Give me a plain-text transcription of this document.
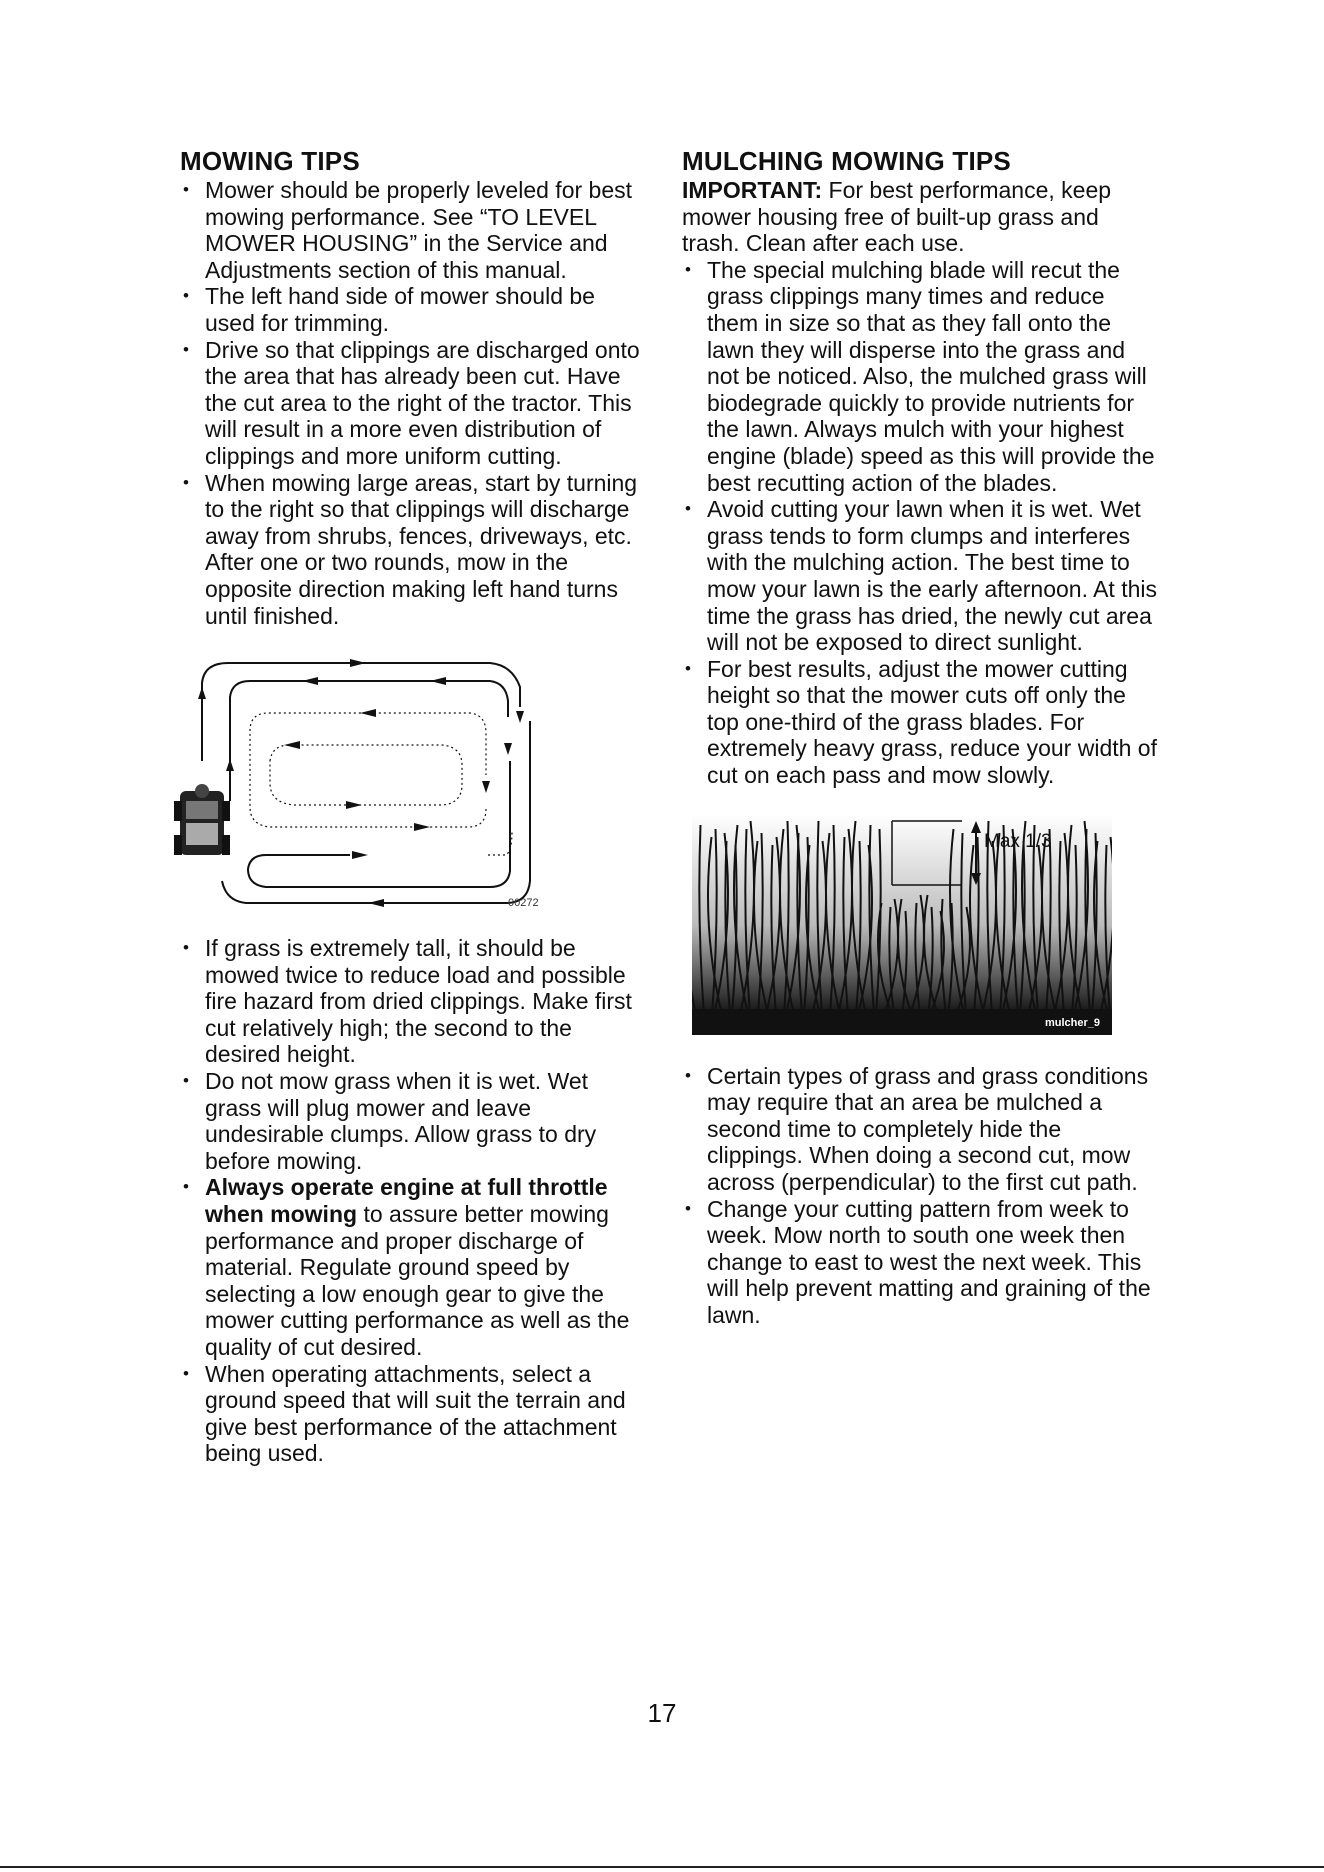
MOWING TIPS
• Mower should be properly leveled for best mowing performance. See “TO LEVEL MOWER HOUSING” in the Service and Adjustments section of this manual.
• The left hand side of mower should be used for trimming.
• Drive so that clippings are discharged onto the area that has already been cut. Have the cut area to the right of the tractor. This will result in a more even distribution of clippings and more uniform cutting.
• When mowing large areas, start by turning to the right so that clippings will discharge away from shrubs, fences, driveways, etc. After one or two rounds, mow in the opposite direction making left hand turns until finished.
00272
• If grass is extremely tall, it should be mowed twice to reduce load and possible fire hazard from dried clippings. Make first cut relatively high; the second to the desired height.
• Do not mow grass when it is wet. Wet grass will plug mower and leave undesirable clumps. Allow grass to dry before mowing.
• Always operate engine at full throttle when mowing to assure better mowing performance and proper discharge of material. Regulate ground speed by selecting a low enough gear to give the mower cutting performance as well as the quality of cut desired.
• When operating attachments, select a ground speed that will suit the terrain and give best performance of the attachment being used.
MULCHING MOWING TIPS

IMPORTANT: For best performance, keep mower housing free of built-up grass and trash. Clean after each use.

• The special mulching blade will recut the grass clippings many times and reduce them in size so that as they fall onto the lawn they will disperse into the grass and not be noticed. Also, the mulched grass will biodegrade quickly to provide nutrients for the lawn. Always mulch with your highest engine (blade) speed as this will provide the best recutting action of the blades.
• Avoid cutting your lawn when it is wet. Wet grass tends to form clumps and interferes with the mulching action. The best time to mow your lawn is the early afternoon. At this time the grass has dried, the newly cut area will not be exposed to direct sunlight.
• For best results, adjust the mower cutting height so that the mower cuts off only the top one-third of the grass blades. For extremely heavy grass, reduce your width of cut on each pass and mow slowly.
Max 1/3
mulcher_9
• Certain types of grass and grass conditions may require that an area be mulched a second time to completely hide the clippings. When doing a second cut, mow across (perpendicular) to the first cut path.
• Change your cutting pattern from week to week. Mow north to south one week then change to east to west the next week. This will help prevent matting and graining of the lawn.
17
